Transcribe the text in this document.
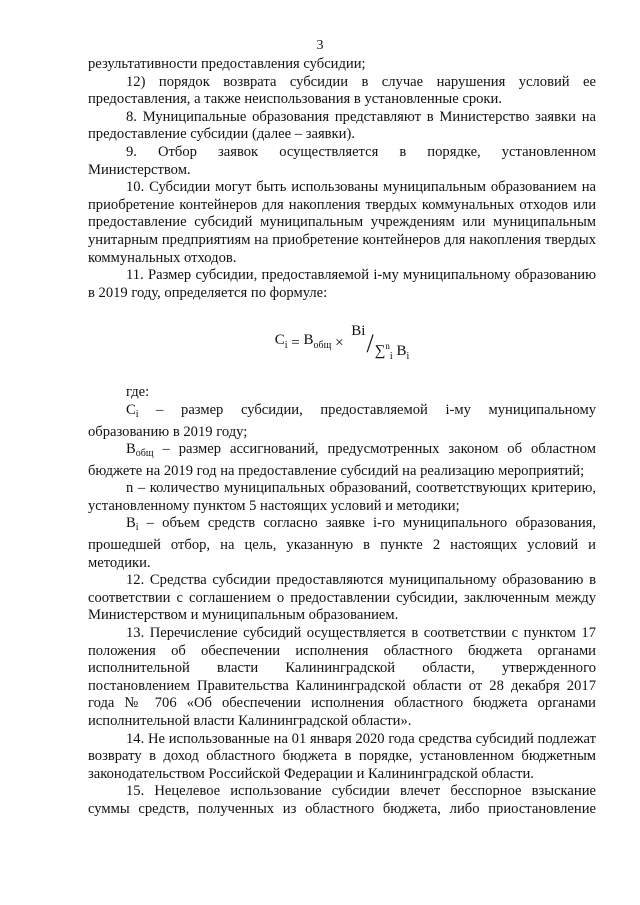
3

результативности предоставления субсидии;

12) порядок возврата субсидии в случае нарушения условий ее предоставления, а также неиспользования в установленные сроки.

8. Муниципальные образования представляют в Министерство заявки на предоставление субсидии (далее – заявки).

9. Отбор заявок осуществляется в порядке, установленном Министерством.

10. Субсидии могут быть использованы муниципальным образованием на приобретение контейнеров для накопления твердых коммунальных отходов или предоставление субсидий муниципальным учреждениям или муниципальным унитарным предприятиям на приобретение контейнеров для накопления твердых коммунальных отходов.

11. Размер субсидии, предоставляемой i-му муниципальному образованию в 2019 году, определяется по формуле:

$C_i = B_{общ}$ ×
Bi / ∑$^n_i$ $B_i$

где:

$C_i$ – размер субсидии, предоставляемой i-му муниципальному образованию в 2019 году;

$B_{общ}$ – размер ассигнований, предусмотренных законом об областном бюджете на 2019 год на предоставление субсидий на реализацию мероприятий;

n – количество муниципальных образований, соответствующих критерию, установленному пунктом 5 настоящих условий и методики;

$B_i$ – объем средств согласно заявке i-го муниципального образования, прошедшей отбор, на цель, указанную в пункте 2 настоящих условий и методики.

12. Средства субсидии предоставляются муниципальному образованию в соответствии с соглашением о предоставлении субсидии, заключенным между Министерством и муниципальным образованием.

13. Перечисление субсидий осуществляется в соответствии с пунктом 17 положения об обеспечении исполнения областного бюджета органами исполнительной власти Калининградской области, утвержденного постановлением Правительства Калининградской области от 28 декабря 2017 года № 706 «Об обеспечении исполнения областного бюджета органами исполнительной власти Калининградской области».

14. Не использованные на 01 января 2020 года средства субсидий подлежат возврату в доход областного бюджета в порядке, установленном бюджетным законодательством Российской Федерации и Калининградской области.

15. Нецелевое использование субсидии влечет бесспорное взыскание суммы средств, полученных из областного бюджета, либо приостановление
